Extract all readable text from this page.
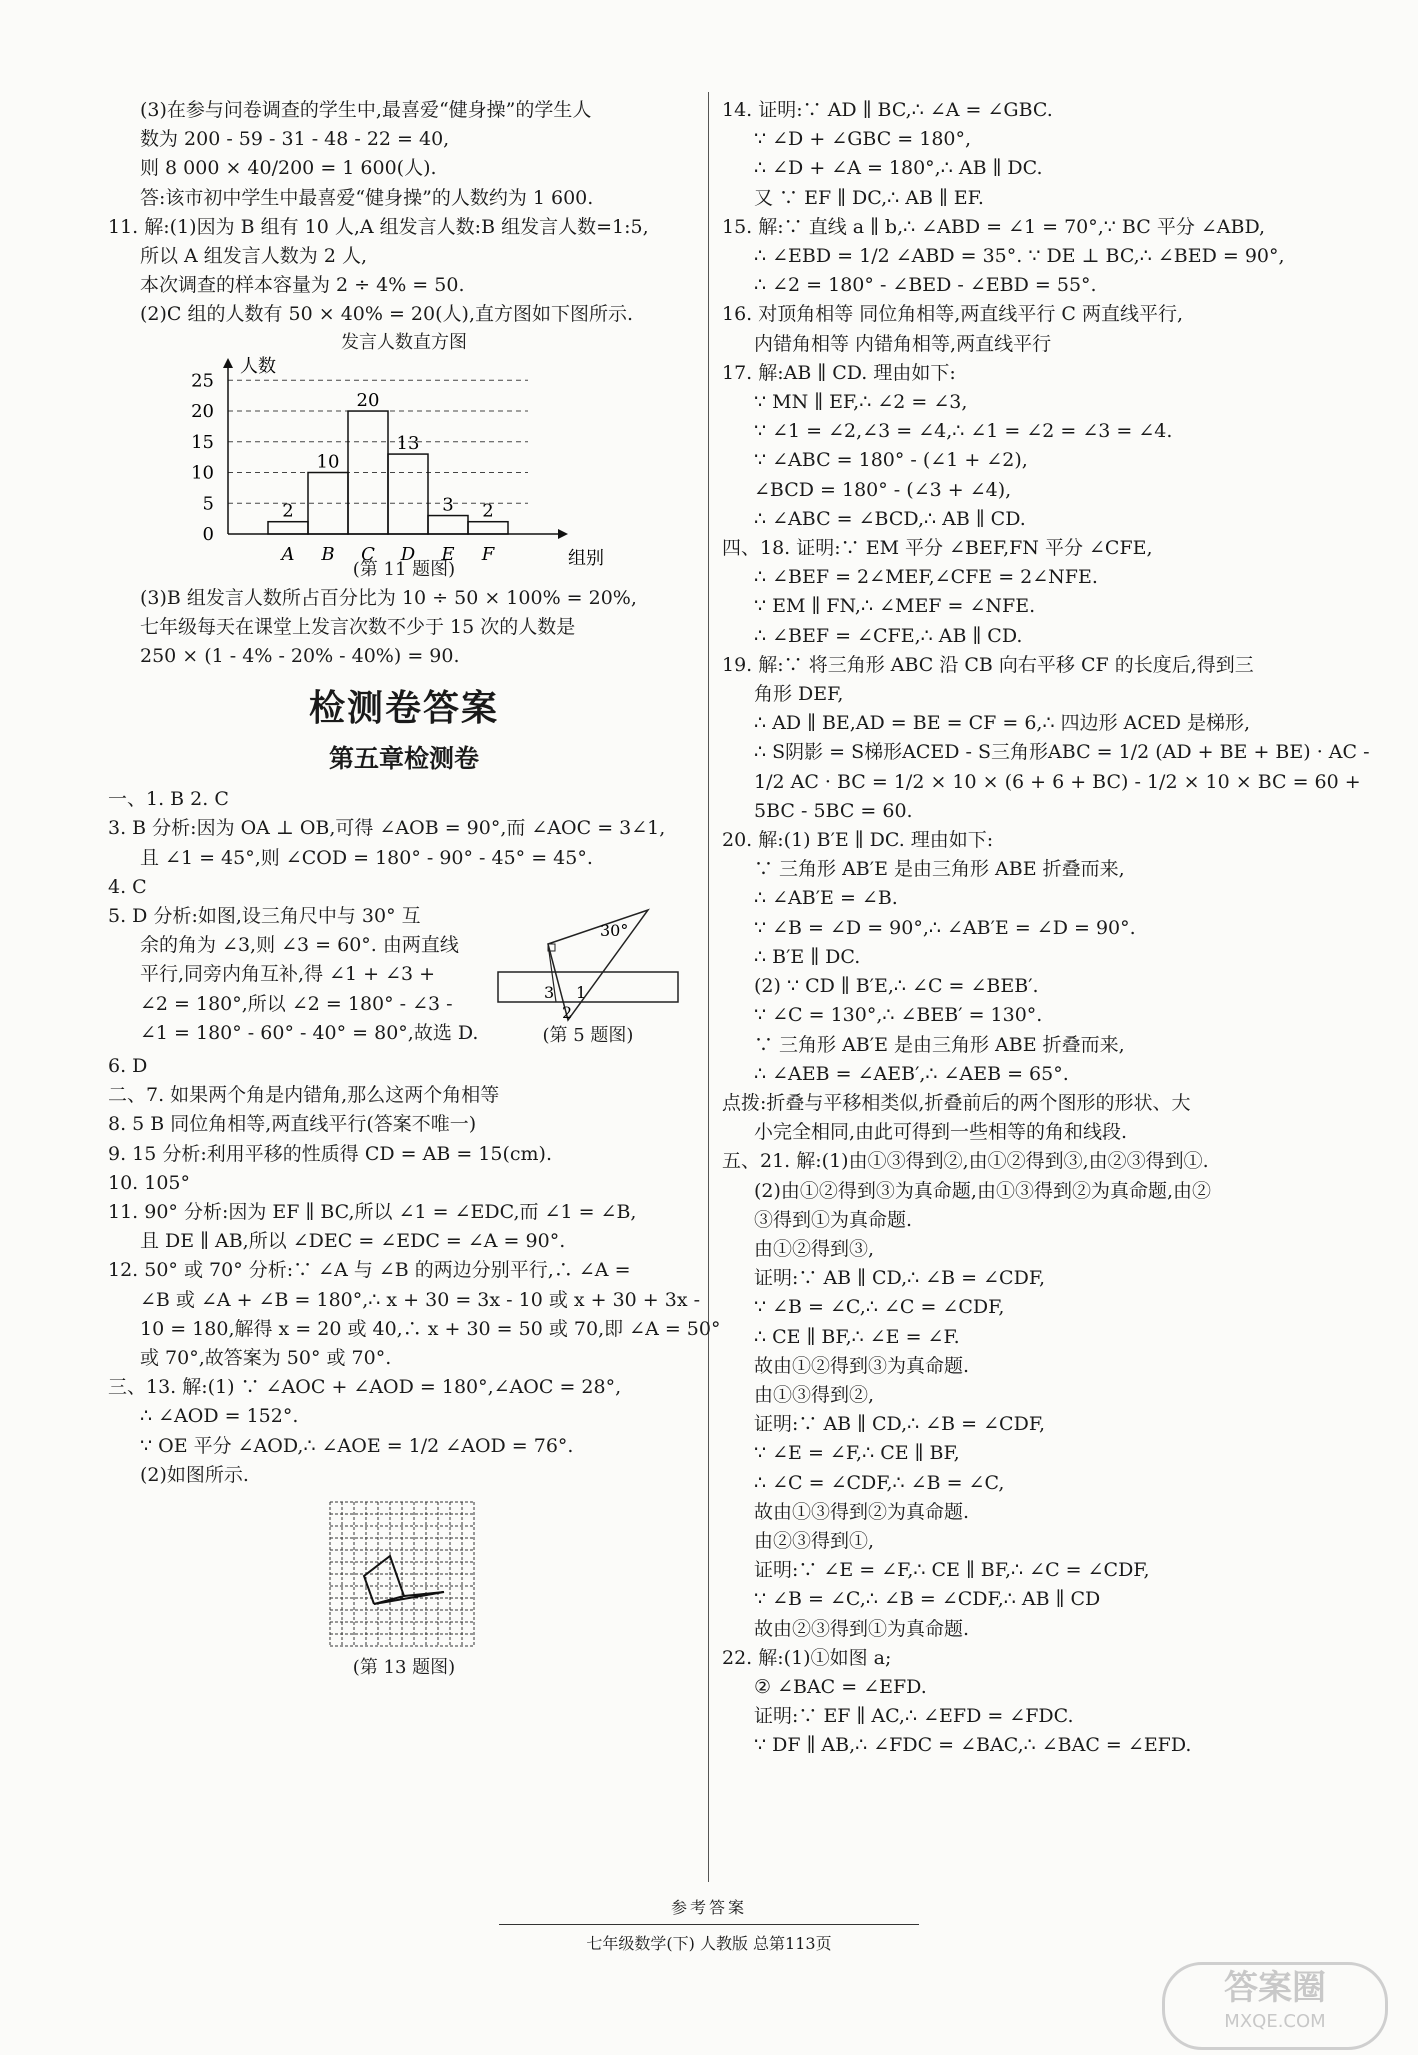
(3)在参与问卷调查的学生中,最喜爱“健身操”的学生人
数为 200 - 59 - 31 - 48 - 22 = 40,
则 8 000 × 40/200 = 1 600(人).
答:该市初中学生中最喜爱“健身操”的人数约为 1 600.
11. 解:(1)因为 B 组有 10 人,A 组发言人数:B 组发言人数=1:5,
所以 A 组发言人数为 2 人,
本次调查的样本容量为 2 ÷ 4% = 50.
(2)C 组的人数有 50 × 40% = 20(人),直方图如下图所示.
发言人数直方图
0
5
10
15
20
25
人数
组别
2
A
10
B
20
C
13
D
3
E
2
F
(第 11 题图)
(3)B 组发言人数所占百分比为 10 ÷ 50 × 100% = 20%,
七年级每天在课堂上发言次数不少于 15 次的人数是
250 × (1 - 4% - 20% - 40%) = 90.
检测卷答案
第五章检测卷
一、1. B 2. C
3. B 分析:因为 OA ⊥ OB,可得 ∠AOB = 90°,而 ∠AOC = 3∠1,
且 ∠1 = 45°,则 ∠COD = 180° - 90° - 45° = 45°.
4. C
5. D 分析:如图,设三角尺中与 30° 互
余的角为 ∠3,则 ∠3 = 60°. 由两直线
平行,同旁内角互补,得 ∠1 + ∠3 +
∠2 = 180°,所以 ∠2 = 180° - ∠3 -
∠1 = 180° - 60° - 40° = 80°,故选 D.
30°
3 1
2
(第 5 题图)
6. D
二、7. 如果两个角是内错角,那么这两个角相等
8. 5 B 同位角相等,两直线平行(答案不唯一)
9. 15 分析:利用平移的性质得 CD = AB = 15(cm).
10. 105°
11. 90° 分析:因为 EF ∥ BC,所以 ∠1 = ∠EDC,而 ∠1 = ∠B,
且 DE ∥ AB,所以 ∠DEC = ∠EDC = ∠A = 90°.
12. 50° 或 70° 分析:∵ ∠A 与 ∠B 的两边分别平行,∴ ∠A =
∠B 或 ∠A + ∠B = 180°,∴ x + 30 = 3x - 10 或 x + 30 + 3x -
10 = 180,解得 x = 20 或 40,∴ x + 30 = 50 或 70,即 ∠A = 50°
或 70°,故答案为 50° 或 70°.
三、13. 解:(1) ∵ ∠AOC + ∠AOD = 180°,∠AOC = 28°,
∴ ∠AOD = 152°.
∵ OE 平分 ∠AOD,∴ ∠AOE = 1/2 ∠AOD = 76°.
(2)如图所示.
(第 13 题图)
14. 证明:∵ AD ∥ BC,∴ ∠A = ∠GBC.
∵ ∠D + ∠GBC = 180°,
∴ ∠D + ∠A = 180°,∴ AB ∥ DC.
又 ∵ EF ∥ DC,∴ AB ∥ EF.
15. 解:∵ 直线 a ∥ b,∴ ∠ABD = ∠1 = 70°,∵ BC 平分 ∠ABD,
∴ ∠EBD = 1/2 ∠ABD = 35°. ∵ DE ⊥ BC,∴ ∠BED = 90°,
∴ ∠2 = 180° - ∠BED - ∠EBD = 55°.
16. 对顶角相等 同位角相等,两直线平行 C 两直线平行,
内错角相等 内错角相等,两直线平行
17. 解:AB ∥ CD. 理由如下:
∵ MN ∥ EF,∴ ∠2 = ∠3,
∵ ∠1 = ∠2,∠3 = ∠4,∴ ∠1 = ∠2 = ∠3 = ∠4.
∵ ∠ABC = 180° - (∠1 + ∠2),
∠BCD = 180° - (∠3 + ∠4),
∴ ∠ABC = ∠BCD,∴ AB ∥ CD.
四、18. 证明:∵ EM 平分 ∠BEF,FN 平分 ∠CFE,
∴ ∠BEF = 2∠MEF,∠CFE = 2∠NFE.
∵ EM ∥ FN,∴ ∠MEF = ∠NFE.
∴ ∠BEF = ∠CFE,∴ AB ∥ CD.
19. 解:∵ 将三角形 ABC 沿 CB 向右平移 CF 的长度后,得到三
角形 DEF,
∴ AD ∥ BE,AD = BE = CF = 6,∴ 四边形 ACED 是梯形,
∴ S阴影 = S梯形ACED - S三角形ABC = 1/2 (AD + BE + BE) · AC -
1/2 AC · BC = 1/2 × 10 × (6 + 6 + BC) - 1/2 × 10 × BC = 60 +
5BC - 5BC = 60.
20. 解:(1) B′E ∥ DC. 理由如下:
∵ 三角形 AB′E 是由三角形 ABE 折叠而来,
∴ ∠AB′E = ∠B.
∵ ∠B = ∠D = 90°,∴ ∠AB′E = ∠D = 90°.
∴ B′E ∥ DC.
(2) ∵ CD ∥ B′E,∴ ∠C = ∠BEB′.
∵ ∠C = 130°,∴ ∠BEB′ = 130°.
∵ 三角形 AB′E 是由三角形 ABE 折叠而来,
∴ ∠AEB = ∠AEB′,∴ ∠AEB = 65°.
点拨:折叠与平移相类似,折叠前后的两个图形的形状、大
小完全相同,由此可得到一些相等的角和线段.
五、21. 解:(1)由①③得到②,由①②得到③,由②③得到①.
(2)由①②得到③为真命题,由①③得到②为真命题,由②
③得到①为真命题.
由①②得到③,
证明:∵ AB ∥ CD,∴ ∠B = ∠CDF,
∵ ∠B = ∠C,∴ ∠C = ∠CDF,
∴ CE ∥ BF,∴ ∠E = ∠F.
故由①②得到③为真命题.
由①③得到②,
证明:∵ AB ∥ CD,∴ ∠B = ∠CDF,
∵ ∠E = ∠F,∴ CE ∥ BF,
∴ ∠C = ∠CDF,∴ ∠B = ∠C,
故由①③得到②为真命题.
由②③得到①,
证明:∵ ∠E = ∠F,∴ CE ∥ BF,∴ ∠C = ∠CDF,
∵ ∠B = ∠C,∴ ∠B = ∠CDF,∴ AB ∥ CD
故由②③得到①为真命题.
22. 解:(1)①如图 a;
② ∠BAC = ∠EFD.
证明:∵ EF ∥ AC,∴ ∠EFD = ∠FDC.
∵ DF ∥ AB,∴ ∠FDC = ∠BAC,∴ ∠BAC = ∠EFD.
参考答案
七年级数学(下) 人教版 总第113页
答案圈
MXQE.COM
